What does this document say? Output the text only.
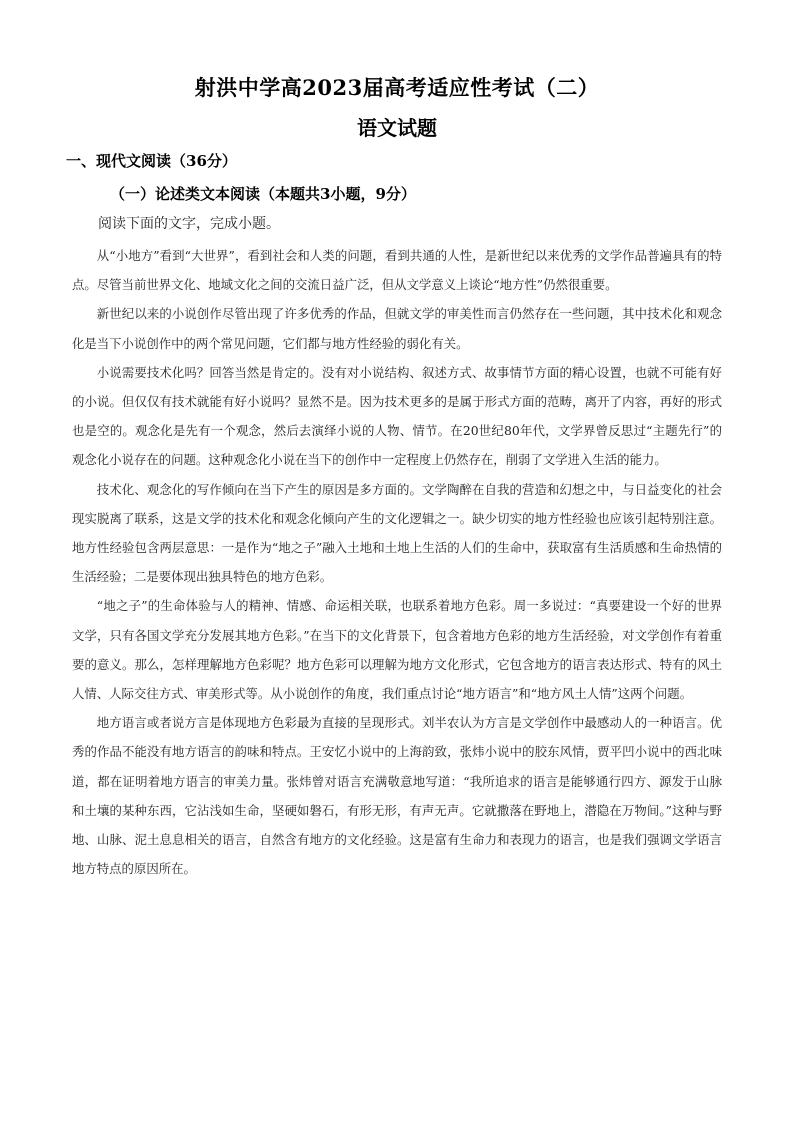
射洪中学高2023届高考适应性考试（二）
语文试题
一、现代文阅读（36分）
（一）论述类文本阅读（本题共3小题，9分）
阅读下面的文字，完成小题。

从“小地方”看到“大世界”，看到社会和人类的问题，看到共通的人性，是新世纪以来优秀的文学作品普遍具有的特点。尽管当前世界文化、地域文化之间的交流日益广泛，但从文学意义上谈论“地方性”仍然很重要。

新世纪以来的小说创作尽管出现了许多优秀的作品，但就文学的审美性而言仍然存在一些问题，其中技术化和观念化是当下小说创作中的两个常见问题，它们都与地方性经验的弱化有关。

小说需要技术化吗？回答当然是肯定的。没有对小说结构、叙述方式、故事情节方面的精心设置，也就不可能有好的小说。但仅仅有技术就能有好小说吗？显然不是。因为技术更多的是属于形式方面的范畴，离开了内容，再好的形式也是空的。观念化是先有一个观念，然后去演绎小说的人物、情节。在20世纪80年代，文学界曾反思过“主题先行”的观念化小说存在的问题。这种观念化小说在当下的创作中一定程度上仍然存在，削弱了文学进入生活的能力。

技术化、观念化的写作倾向在当下产生的原因是多方面的。文学陶醉在自我的营造和幻想之中，与日益变化的社会现实脱离了联系，这是文学的技术化和观念化倾向产生的文化逻辑之一。缺少切实的地方性经验也应该引起特别注意。地方性经验包含两层意思：一是作为“地之子”融入土地和土地上生活的人们的生命中，获取富有生活质感和生命热情的生活经验；二是要体现出独具特色的地方色彩。

“地之子”的生命体验与人的精神、情感、命运相关联，也联系着地方色彩。周一多说过：“真要建设一个好的世界文学，只有各国文学充分发展其地方色彩。”在当下的文化背景下，包含着地方色彩的地方生活经验，对文学创作有着重要的意义。那么，怎样理解地方色彩呢？地方色彩可以理解为地方文化形式，它包含地方的语言表达形式、特有的风土人情、人际交往方式、审美形式等。从小说创作的角度，我们重点讨论“地方语言”和“地方风土人情”这两个问题。

地方语言或者说方言是体现地方色彩最为直接的呈现形式。刘半农认为方言是文学创作中最感动人的一种语言。优秀的作品不能没有地方语言的韵味和特点。王安忆小说中的上海韵致，张炜小说中的胶东风情，贾平凹小说中的西北味道，都在证明着地方语言的审美力量。张炜曾对语言充满敬意地写道：“我所追求的语言是能够通行四方、源发于山脉和土壤的某种东西，它沾浅如生命，坚硬如磐石，有形无形，有声无声。它就撒落在野地上，潜隐在万物间。”这种与野地、山脉、泥土息息相关的语言，自然含有地方的文化经验。这是富有生命力和表现力的语言，也是我们强调文学语言地方特点的原因所在。
